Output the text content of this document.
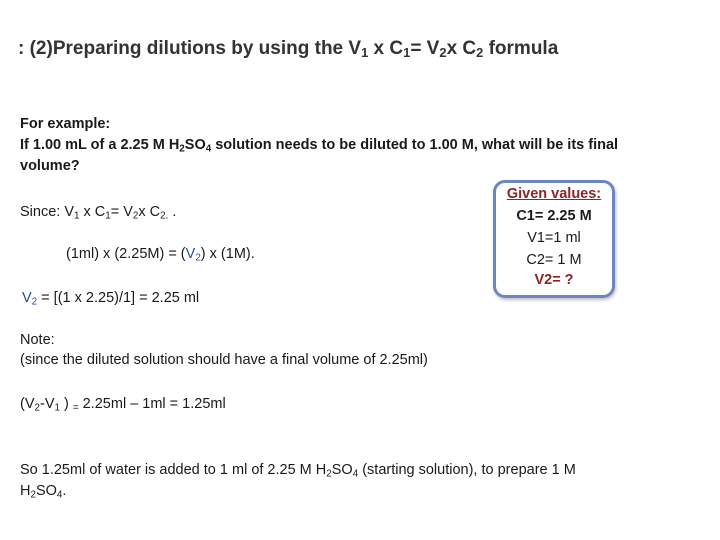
: (2)Preparing dilutions by using the $V_1$ x $C_1= V_2x$ $C_2$ formula
For example:
If 1.00 mL of a 2.25 M $H_2SO_4$ solution needs to be diluted to 1.00 M, what will be its final
volume?
Since: $V_1$ x $C_1= V_2x$ $C_{2.}$ .
(1ml) x $(2.25M) = (V_2)$ x (1M).
$V_2 = [(1$ x 2.25)/1] = 2.25 ml
Given values:
C1= 2.25 M
V1=1 ml
C2= 1 M
V2= ?
Note:
(since the diluted solution should have a final volume of 2.25ml)
($V_2-V_1$ ) $_=$ 2.25ml – 1ml = 1.25ml
So 1.25ml of water is added to 1 ml of 2.25 M $H_2SO_4$ (starting solution), to prepare 1 M
$H_2SO_4$.
